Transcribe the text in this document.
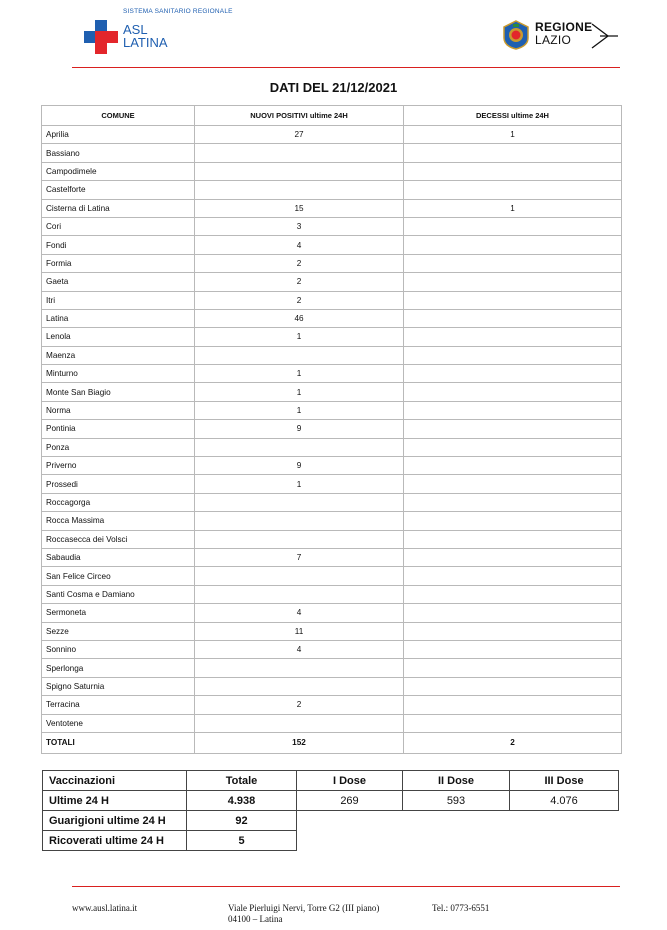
SISTEMA SANITARIO REGIONALE
ASL
LATINA
REGIONE
LAZIO
DATI DEL 21/12/2021
COMUNE	NUOVI POSITIVI ultime 24H	DECESSI ultime 24H
Aprilia	27	1
Bassiano		
Campodimele		
Castelforte		
Cisterna di Latina	15	1
Cori	3	
Fondi	4	
Formia	2	
Gaeta	2	
Itri	2	
Latina	46	
Lenola	1	
Maenza		
Minturno	1	
Monte San Biagio	1	
Norma	1	
Pontinia	9	
Ponza		
Priverno	9	
Prossedi	1	
Roccagorga		
Rocca Massima		
Roccasecca dei Volsci		
Sabaudia	7	
San Felice Circeo		
Santi Cosma e Damiano		
Sermoneta	4	
Sezze	11	
Sonnino	4	
Sperlonga		
Spigno Saturnia		
Terracina	2	
Ventotene		
TOTALI	152	2
Vaccinazioni	Totale	I Dose	II Dose	III Dose
Ultime 24 H	4.938	269	593	4.076
Guarigioni ultime 24 H	92			
Ricoverati ultime 24 H	5			
www.ausl.latina.it	Viale Pierluigi Nervi, Torre G2 (III piano)
04100 – Latina
Tel.: 0773-6551
